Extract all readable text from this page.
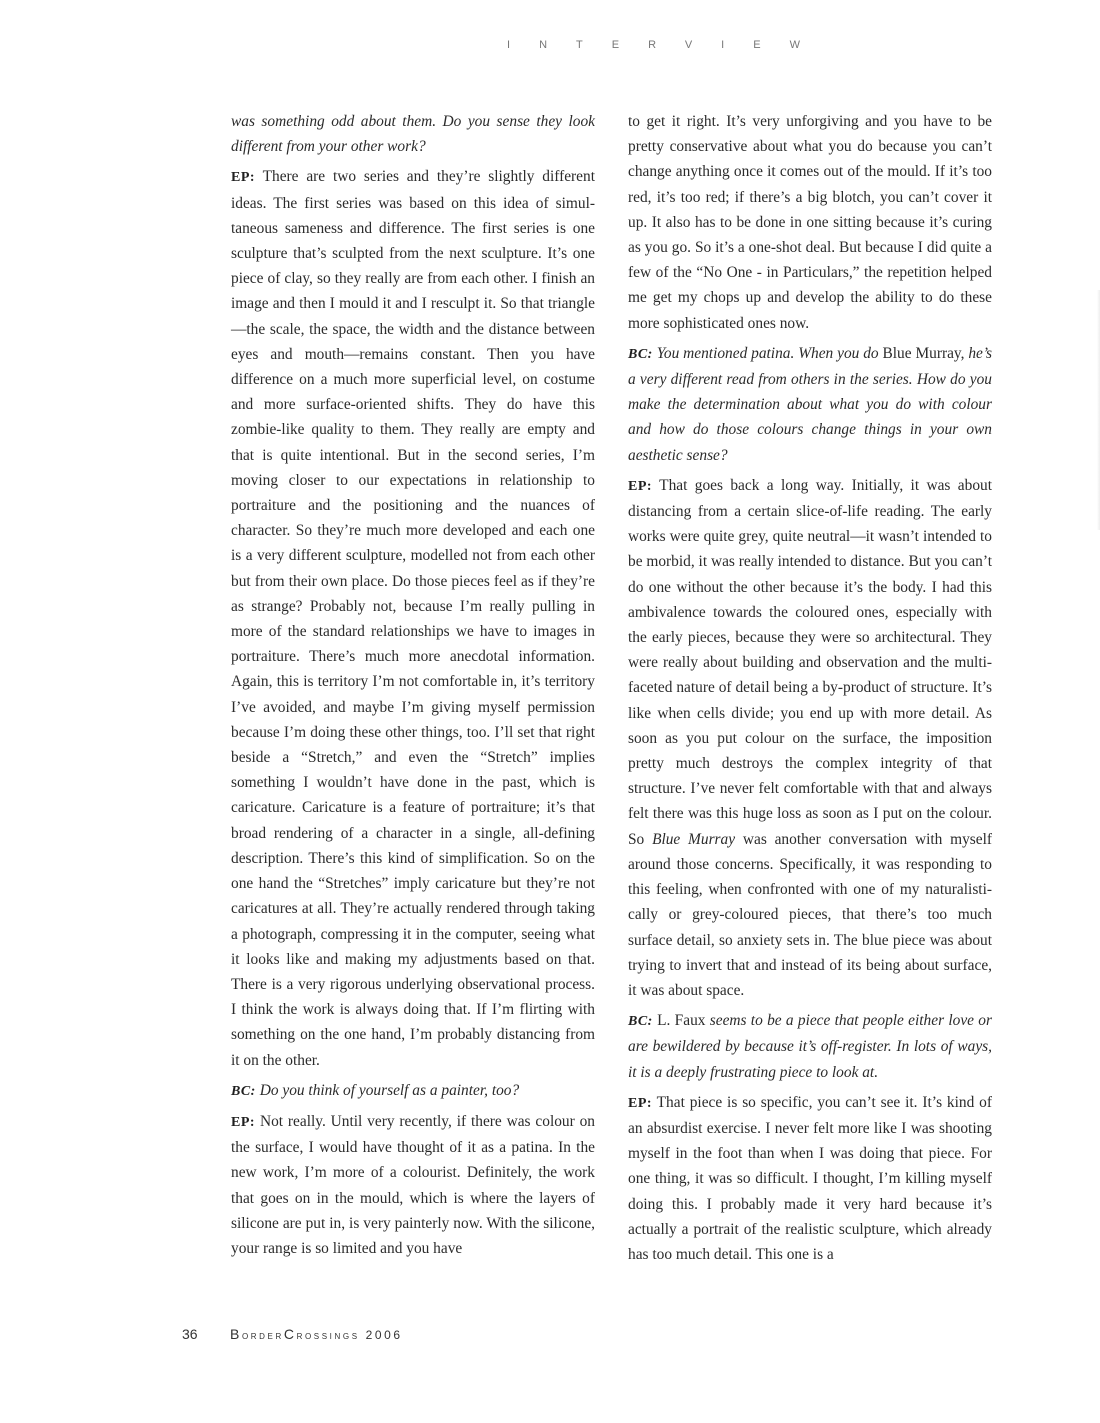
INTERVIEW

was something odd about them. Do you sense they look different from your other work?

EP: There are two series and they’re slightly different ideas. The first series was based on this idea of simultaneous sameness and difference. The first series is one sculpture that’s sculpted from the next sculpture. It’s one piece of clay, so they really are from each other. I finish an image and then I mould it and I resculpt it. So that triangle—the scale, the space, the width and the distance between eyes and mouth—remains constant. Then you have difference on a much more superficial level, on costume and more surface-oriented shifts. They do have this zombie-like quality to them. They really are empty and that is quite intentional. But in the second series, I’m moving closer to our expectations in relationship to portraiture and the positioning and the nuances of character. So they’re much more developed and each one is a very different sculpture, modelled not from each other but from their own place. Do those pieces feel as if they’re as strange? Probably not, because I’m really pulling in more of the standard relationships we have to images in portraiture. There’s much more anecdotal information. Again, this is territory I’m not comfortable in, it’s territory I’ve avoided, and maybe I’m giving myself permission because I’m doing these other things, too. I’ll set that right beside a “Stretch,” and even the “Stretch” implies something I wouldn’t have done in the past, which is caricature. Caricature is a feature of portraiture; it’s that broad rendering of a character in a single, all-defining description. There’s this kind of simplification. So on the one hand the “Stretches” imply caricature but they’re not caricatures at all. They’re actually rendered through taking a photograph, compressing it in the computer, seeing what it looks like and making my adjustments based on that. There is a very rigorous underlying observational process. I think the work is always doing that. If I’m flirting with something on the one hand, I’m probably distancing from it on the other.

BC: Do you think of yourself as a painter, too?

EP: Not really. Until very recently, if there was colour on the surface, I would have thought of it as a patina. In the new work, I’m more of a colourist. Definitely, the work that goes on in the mould, which is where the layers of silicone are put in, is very painterly now. With the silicone, your range is so limited and you have

to get it right. It’s very unforgiving and you have to be pretty conservative about what you do because you can’t change anything once it comes out of the mould. If it’s too red, it’s too red; if there’s a big blotch, you can’t cover it up. It also has to be done in one sitting because it’s curing as you go. So it’s a one-shot deal. But because I did quite a few of the “No One - in Particulars,” the repetition helped me get my chops up and develop the ability to do these more sophisticated ones now.

BC: You mentioned patina. When you do Blue Murray, he’s a very different read from others in the series. How do you make the determination about what you do with colour and how do those colours change things in your own aesthetic sense?

EP: That goes back a long way. Initially, it was about distancing from a certain slice-of-life reading. The early works were quite grey, quite neutral—it wasn’t intended to be morbid, it was really intended to distance. But you can’t do one without the other because it’s the body. I had this ambivalence towards the coloured ones, especially with the early pieces, because they were so architectural. They were really about building and observation and the multi-faceted nature of detail being a by-product of structure. It’s like when cells divide; you end up with more detail. As soon as you put colour on the surface, the imposition pretty much destroys the complex integrity of that structure. I’ve never felt comfortable with that and always felt there was this huge loss as soon as I put on the colour. So Blue Murray was another conversation with myself around those concerns. Specifically, it was responding to this feeling, when confronted with one of my naturalistically or grey-coloured pieces, that there’s too much surface detail, so anxiety sets in. The blue piece was about trying to invert that and instead of its being about surface, it was about space.

BC: L. Faux seems to be a piece that people either love or are bewildered by because it’s off-register. In lots of ways, it is a deeply frustrating piece to look at.

EP: That piece is so specific, you can’t see it. It’s kind of an absurdist exercise. I never felt more like I was shooting myself in the foot than when I was doing that piece. For one thing, it was so difficult. I thought, I’m killing myself doing this. I probably made it very hard because it’s actually a portrait of the realistic sculpture, which already has too much detail. This one is a

36 BorderCrossings 2006
